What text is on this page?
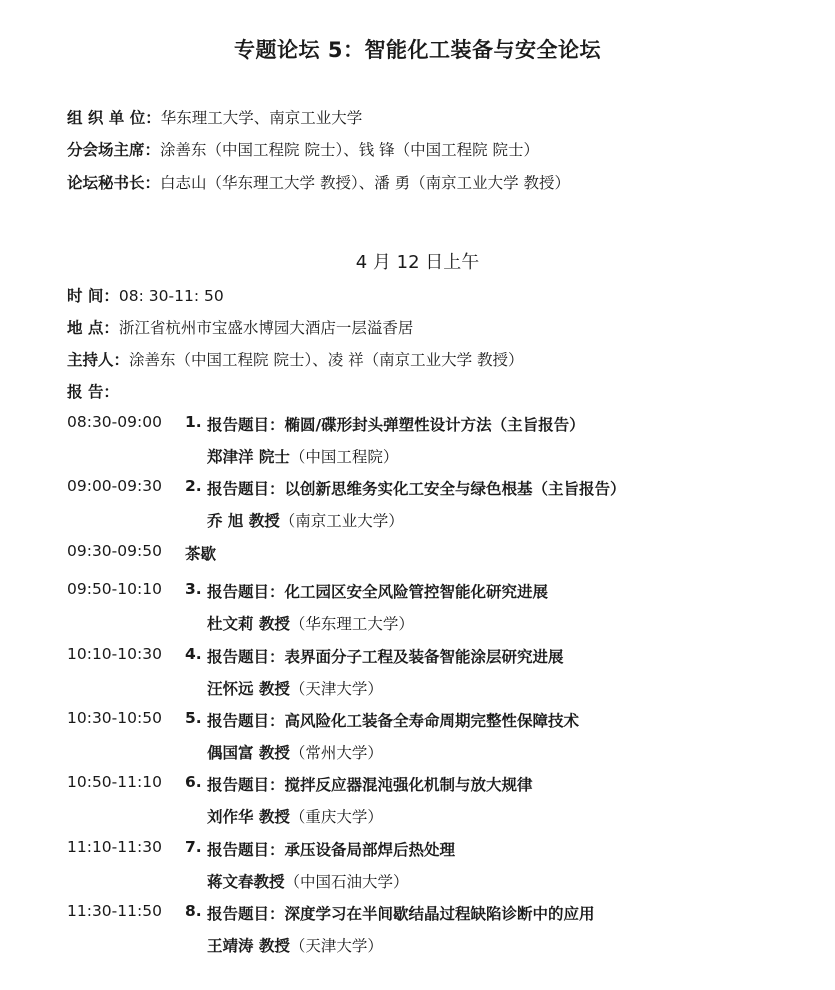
专题论坛 5：智能化工装备与安全论坛
组 织 单 位：华东理工大学、南京工业大学
分会场主席：涂善东（中国工程院 院士）、钱 锋（中国工程院 院士）
论坛秘书长：白志山（华东理工大学 教授）、潘 勇（南京工业大学 教授）
4 月 12 日上午
时 间：08: 30-11: 50
地 点：浙江省杭州市宝盛水博园大酒店一层溢香居
主持人：涂善东（中国工程院 院士）、凌 祥（南京工业大学 教授）
报 告：
08:30-09:00 1. 报告题目：椭圆/碟形封头弹塑性设计方法（主旨报告）
郑津洋 院士（中国工程院）
09:00-09:30 2. 报告题目：以创新思维务实化工安全与绿色根基（主旨报告）
乔 旭 教授（南京工业大学）
09:30-09:50 茶歇
09:50-10:10 3. 报告题目：化工园区安全风险管控智能化研究进展
杜文莉 教授（华东理工大学）
10:10-10:30 4. 报告题目：表界面分子工程及装备智能涂层研究进展
汪怀远 教授（天津大学）
10:30-10:50 5. 报告题目：高风险化工装备全寿命周期完整性保障技术
偶国富 教授（常州大学）
10:50-11:10 6. 报告题目：搅拌反应器混沌强化机制与放大规律
刘作华 教授（重庆大学）
11:10-11:30 7. 报告题目：承压设备局部焊后热处理
蒋文春教授（中国石油大学）
11:30-11:50 8. 报告题目：深度学习在半间歇结晶过程缺陷诊断中的应用
王靖涛 教授（天津大学）
